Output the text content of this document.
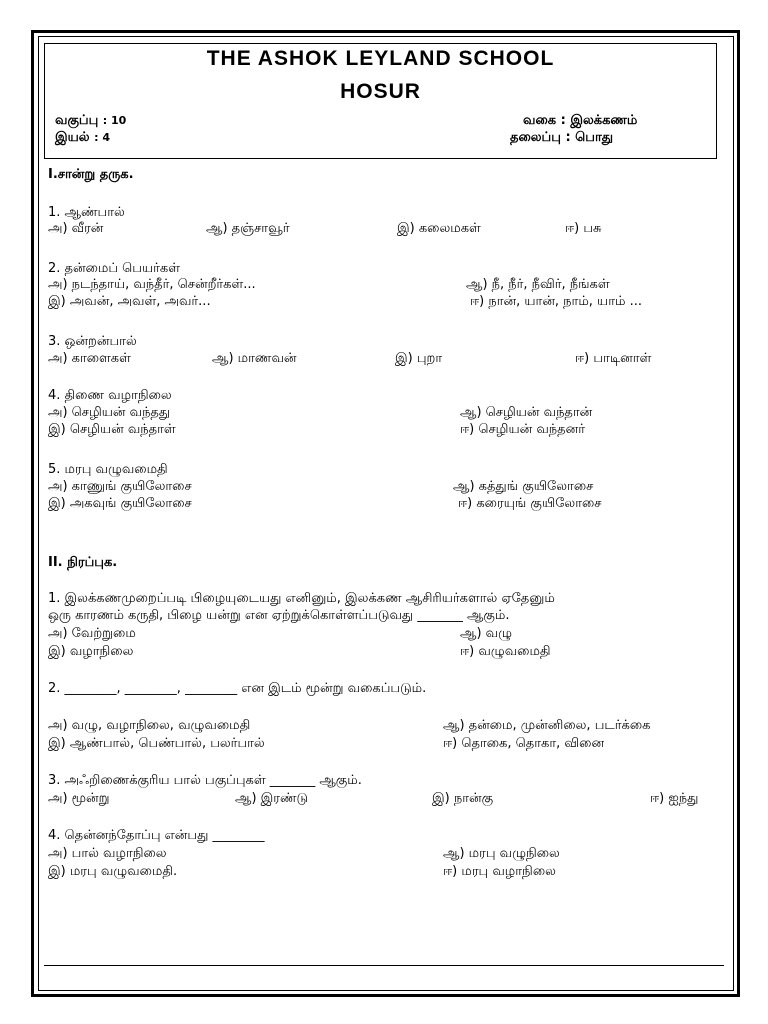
THE ASHOK LEYLAND SCHOOL
HOSUR
வகுப்பு : 10
இயல் : 4
வகை : இலக்கணம்
தலைப்பு : பொது
I.சான்று தருக.
1. ஆண்பால்
அ) வீரன்	ஆ) தஞ்சாவூர்	இ) கலைமகள்	ஈ) பசு
2. தன்மைப் பெயர்கள்
அ) நடந்தாய், வந்தீர், சென்றீர்கள்...	ஆ) நீ, நீர், நீவிர், நீங்கள்
இ) அவன், அவள், அவர்...	ஈ) நான், யான், நாம், யாம் ...
3. ஒன்றன்பால்
அ) காளைகள்	ஆ) மாணவன்	இ) புறா	ஈ) பாடினாள்
4. திணை வழாநிலை
அ) செழியன் வந்தது	ஆ) செழியன் வந்தான்
இ) செழியன் வந்தாள்	ஈ) செழியன் வந்தனர்
5. மரபு வழுவமைதி
அ) காணுங் குயிலோசை	ஆ) கத்துங் குயிலோசை
இ) அகவுங் குயிலோசை	ஈ) கரையுங் குயிலோசை
II. நிரப்புக.
1. இலக்கணமுறைப்படி பிழையுடையது எனினும், இலக்கண ஆசிரியர்களால் ஏதேனும்
ஒரு காரணம் கருதி, பிழை யன்று என ஏற்றுக்கொள்ளப்படுவது _______ ஆகும்.
அ) வேற்றுமை	ஆ) வழு
இ) வழாநிலை	ஈ) வழுவமைதி
2. ________, ________, ________ என இடம் மூன்று வகைப்படும்.
அ) வழு, வழாநிலை, வழுவமைதி	ஆ) தன்மை, முன்னிலை, படர்க்கை
இ) ஆண்பால், பெண்பால், பலர்பால்	ஈ) தொகை, தொகா, வினை
3. அஃறிணைக்குரிய பால் பகுப்புகள் _______ ஆகும்.
அ) மூன்று	ஆ) இரண்டு	இ) நான்கு	ஈ) ஐந்து
4. தென்னந்தோப்பு என்பது ________
அ) பால் வழாநிலை	ஆ) மரபு வழுநிலை
இ) மரபு வழுவமைதி.	ஈ) மரபு வழாநிலை
